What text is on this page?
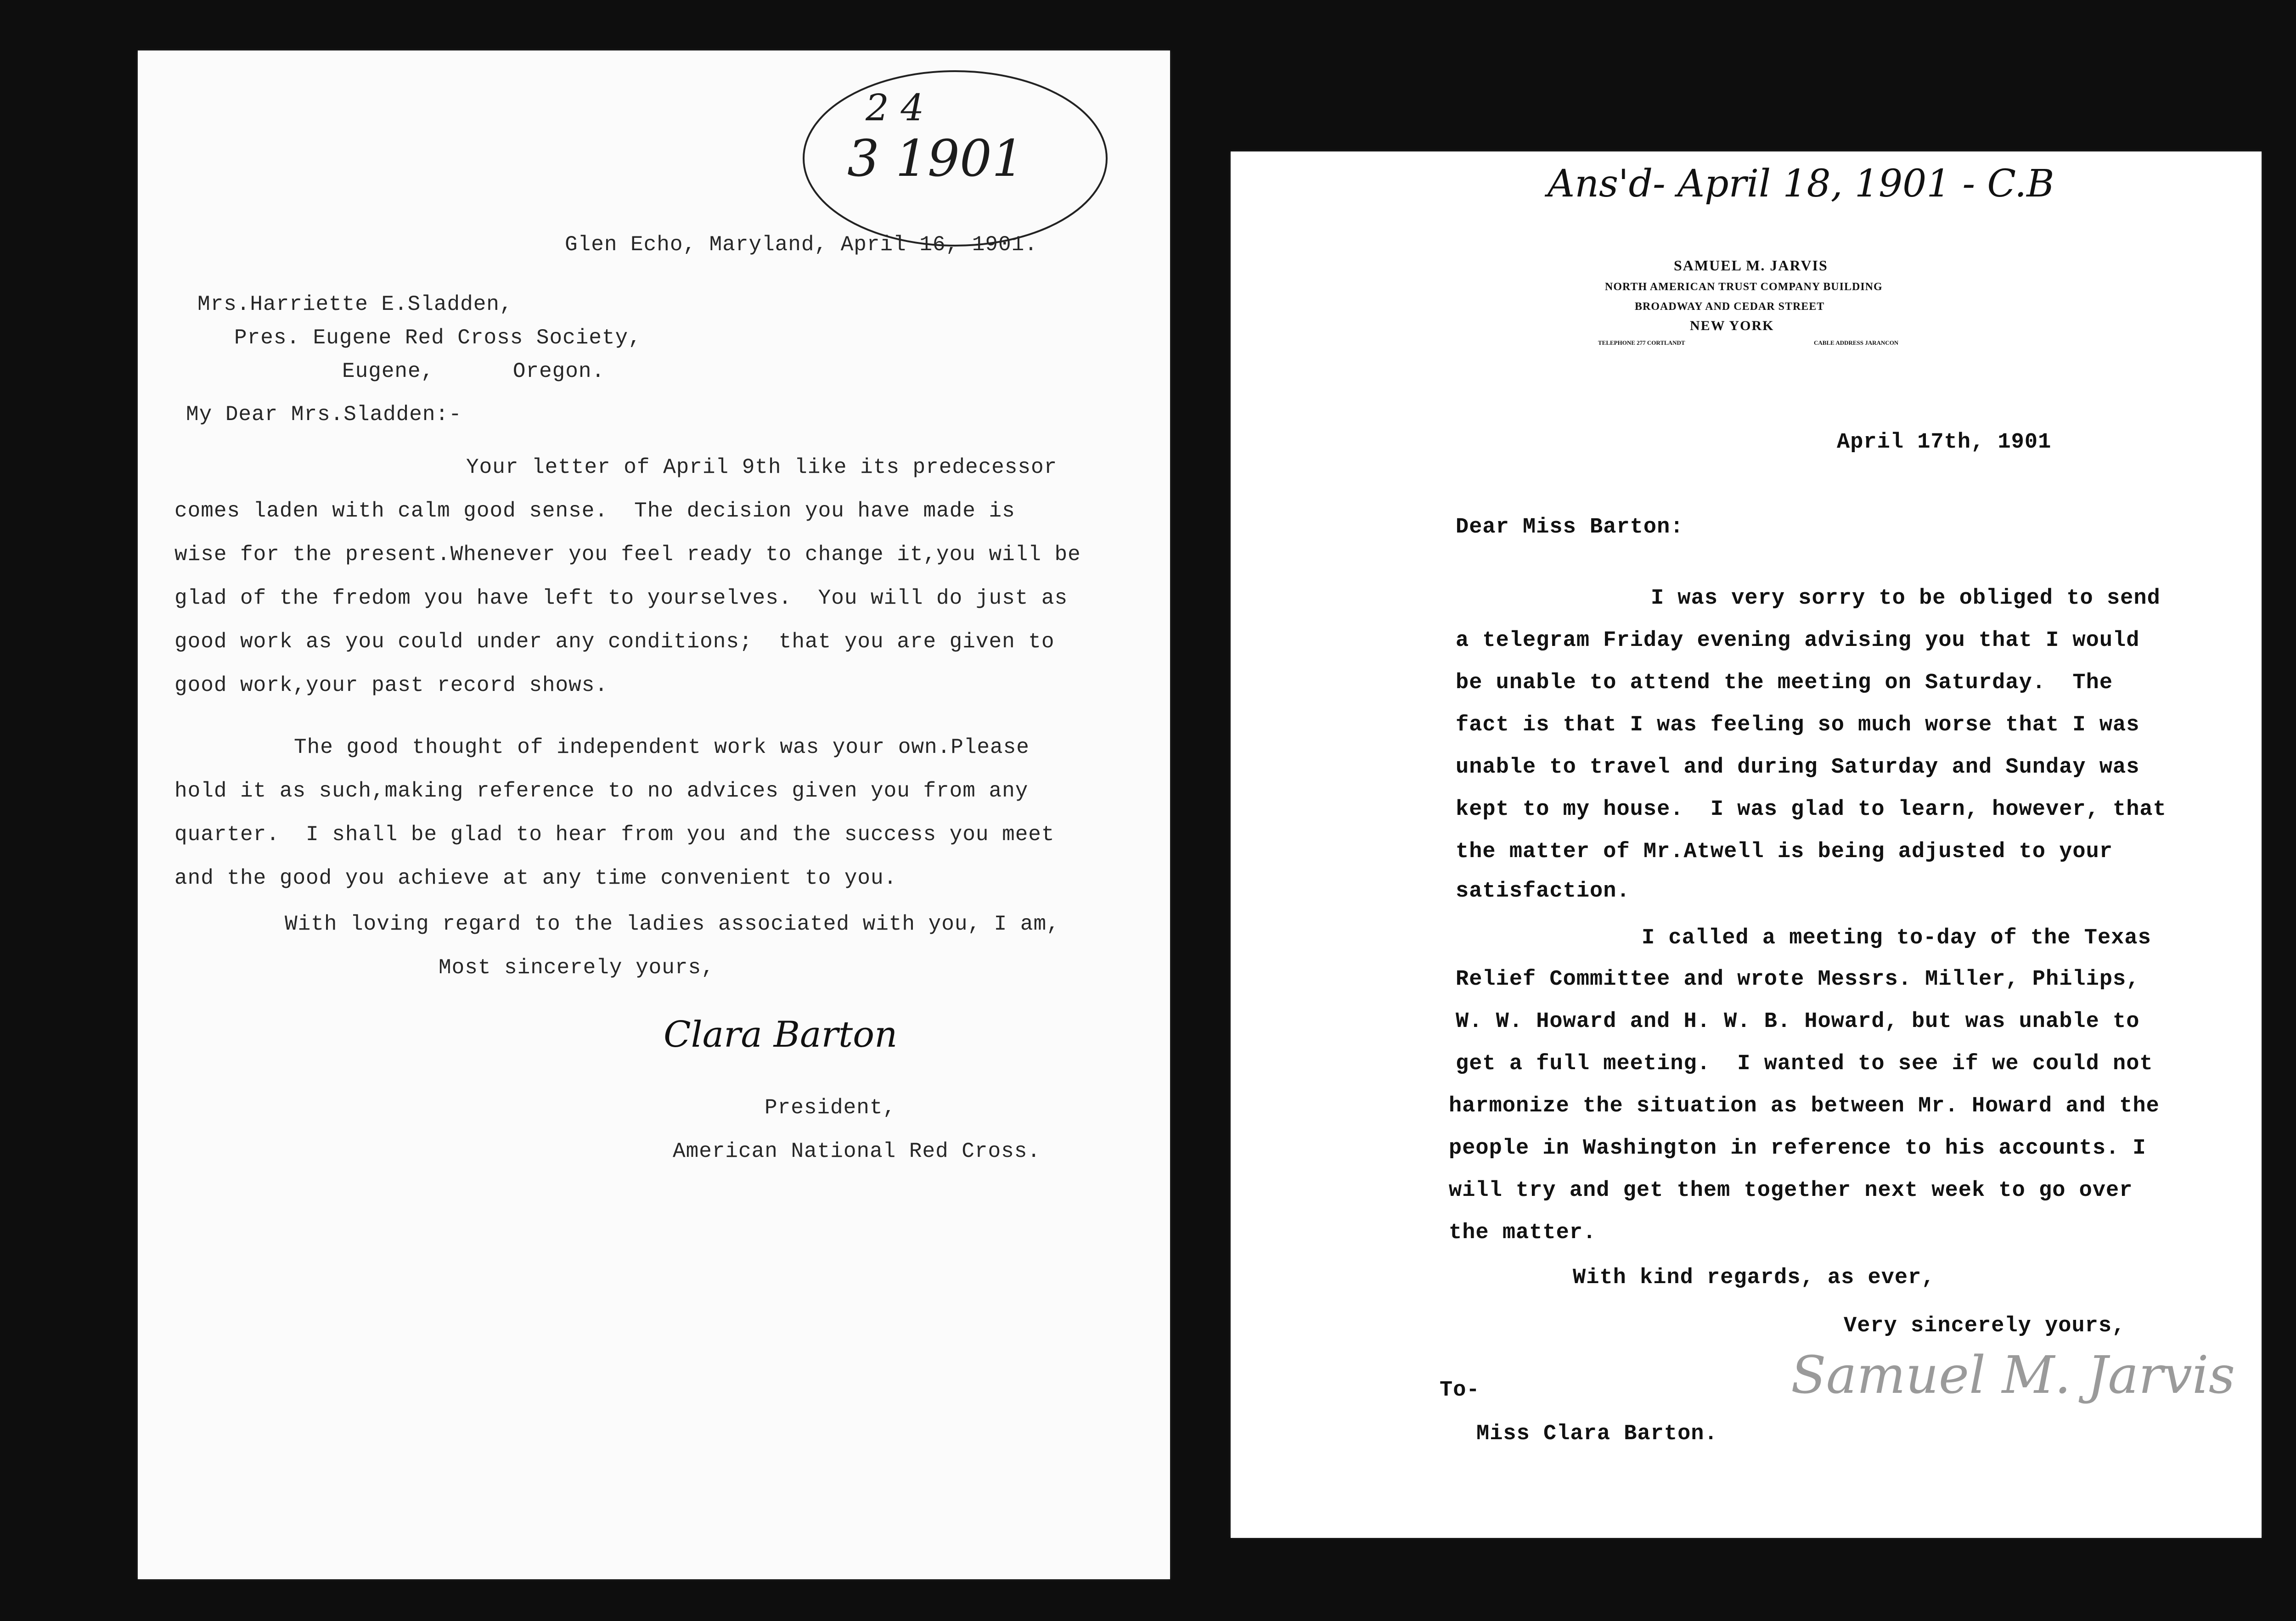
2 4
3 1901
Glen Echo, Maryland, April 16, 1901.
Mrs.Harriette E.Sladden,
Pres. Eugene Red Cross Society,
Eugene,      Oregon.
My Dear Mrs.Sladden:-
Your letter of April 9th like its predecessor
comes laden with calm good sense.  The decision you have made is
wise for the present.Whenever you feel ready to change it,you will be
glad of the fredom you have left to yourselves.  You will do just as
good work as you could under any conditions;  that you are given to
good work,your past record shows.
The good thought of independent work was your own.Please
hold it as such,making reference to no advices given you from any
quarter.  I shall be glad to hear from you and the success you meet
and the good you achieve at any time convenient to you.
With loving regard to the ladies associated with you, I am,
Most sincerely yours,
Clara Barton
President,
American National Red Cross.
Ans'd- April 18, 1901 - C.B
SAMUEL M. JARVIS
NORTH AMERICAN TRUST COMPANY BUILDING
BROADWAY AND CEDAR STREET
NEW YORK
TELEPHONE 277 CORTLANDT	CABLE ADDRESS JARANCON
April 17th, 1901
Dear Miss Barton:
I was very sorry to be obliged to send
a telegram Friday evening advising you that I would
be unable to attend the meeting on Saturday.  The
fact is that I was feeling so much worse that I was
unable to travel and during Saturday and Sunday was
kept to my house.  I was glad to learn, however, that
the matter of Mr.Atwell is being adjusted to your
satisfaction.
I called a meeting to-day of the Texas
Relief Committee and wrote Messrs. Miller, Philips,
W. W. Howard and H. W. B. Howard, but was unable to
get a full meeting.  I wanted to see if we could not
harmonize the situation as between Mr. Howard and the
people in Washington in reference to his accounts. I
will try and get them together next week to go over
the matter.
With kind regards, as ever,
Very sincerely yours,
Samuel M. Jarvis
To-
Miss Clara Barton.
